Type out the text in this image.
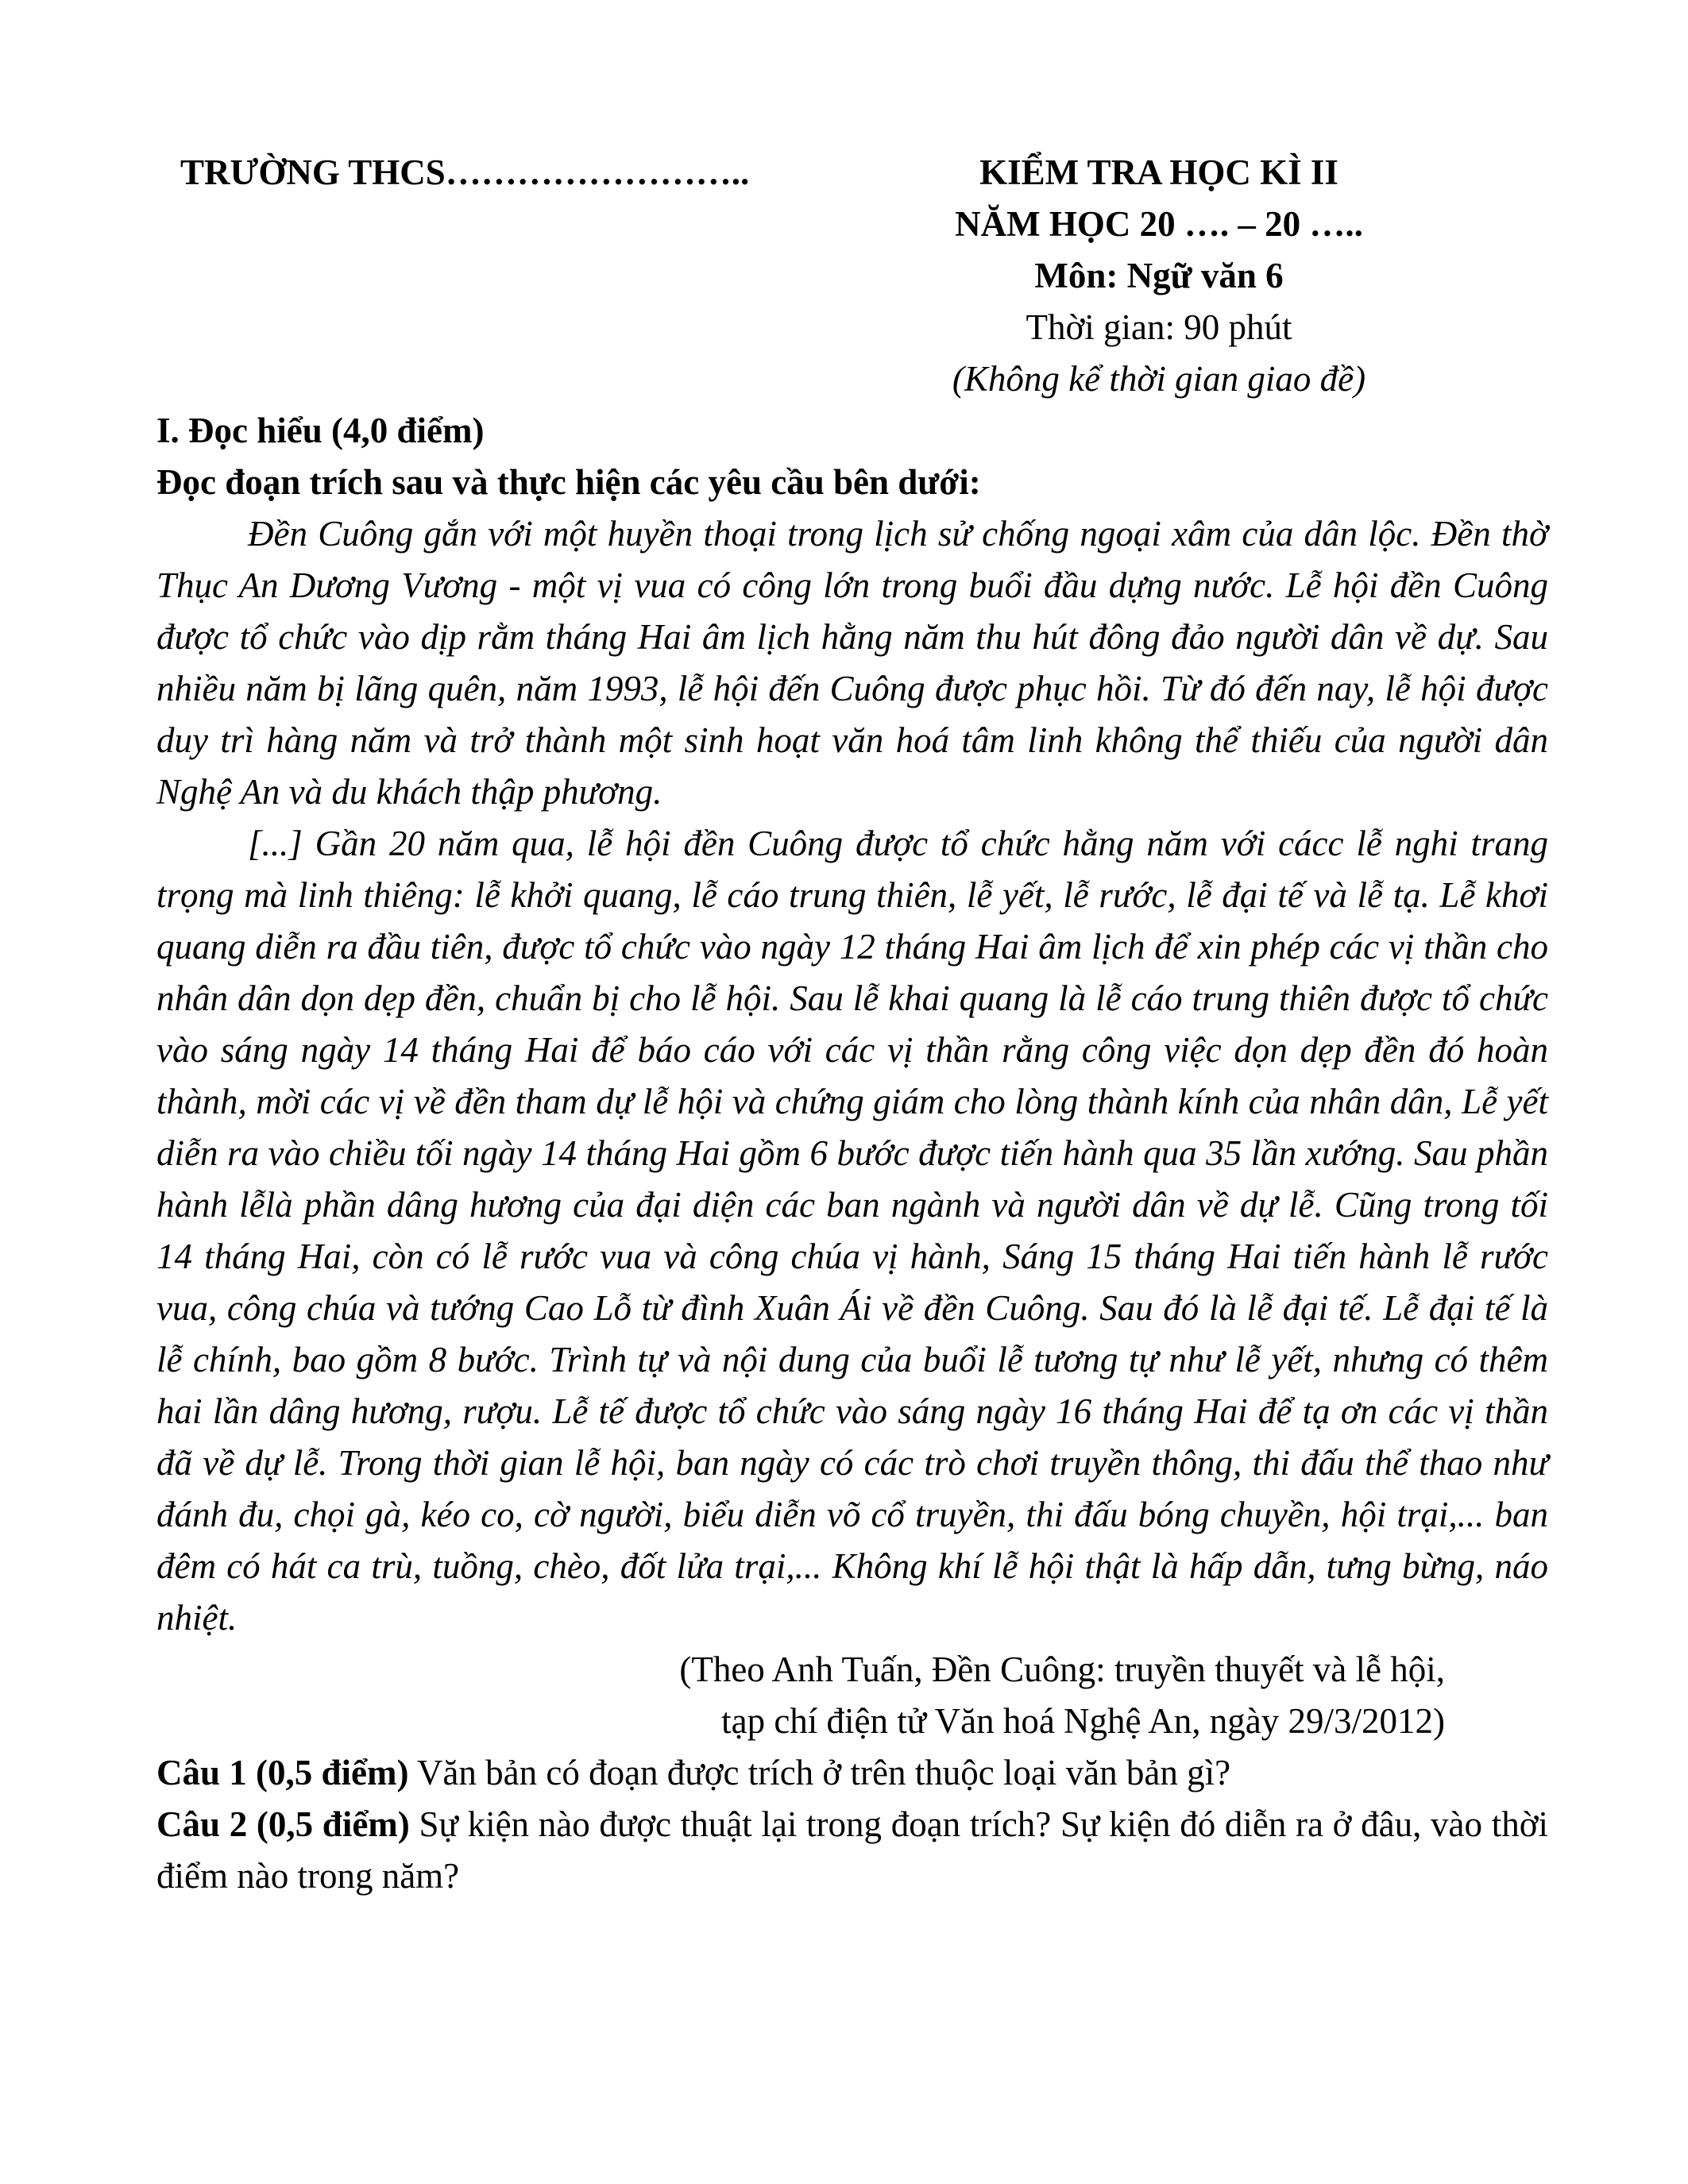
TRƯỜNG THCS……………………..	KIỂM TRA HỌC KÌ II
NĂM HỌC 20 …. – 20 …..
Môn: Ngữ văn 6
Thời gian: 90 phút
(Không kể thời gian giao đề)
I. Đọc hiểu (4,0 điểm)
Đọc đoạn trích sau và thực hiện các yêu cầu bên dưới:

Đền Cuông gắn với một huyền thoại trong lịch sử chống ngoại xâm của dân lộc. Đền thờ Thục An Dương Vương - một vị vua có công lớn trong buổi đầu dựng nước. Lễ hội đền Cuông được tổ chức vào dịp rằm tháng Hai âm lịch hằng năm thu hút đông đảo người dân về dự. Sau nhiều năm bị lãng quên, năm 1993, lễ hội đến Cuông được phục hồi. Từ đó đến nay, lễ hội được duy trì hàng năm và trở thành một sinh hoạt văn hoá tâm linh không thể thiếu của người dân Nghệ An và du khách thập phương.

[...] Gần 20 năm qua, lễ hội đền Cuông được tổ chức hằng năm với cácc lễ nghi trang trọng mà linh thiêng: lễ khởi quang, lễ cáo trung thiên, lễ yết, lễ rước, lễ đại tế và lễ tạ. Lễ khơi quang diễn ra đầu tiên, được tổ chức vào ngày 12 tháng Hai âm lịch để xin phép các vị thần cho nhân dân dọn dẹp đền, chuẩn bị cho lễ hội. Sau lễ khai quang là lễ cáo trung thiên được tổ chức vào sáng ngày 14 tháng Hai để báo cáo với các vị thần rằng công việc dọn dẹp đền đó hoàn thành, mời các vị về đền tham dự lễ hội và chứng giám cho lòng thành kính của nhân dân, Lễ yết diễn ra vào chiều tối ngày 14 tháng Hai gồm 6 bước được tiến hành qua 35 lần xướng. Sau phần hành lễlà phần dâng hương của đại diện các ban ngành và người dân về dự lễ. Cũng trong tối 14 tháng Hai, còn có lễ rước vua và công chúa vị hành, Sáng 15 tháng Hai tiến hành lễ rước vua, công chúa và tướng Cao Lỗ từ đình Xuân Ái về đền Cuông. Sau đó là lễ đại tế. Lễ đại tế là lễ chính, bao gồm 8 bước. Trình tự và nội dung của buổi lễ tương tự như lễ yết, nhưng có thêm hai lần dâng hương, rượu. Lễ tế được tổ chức vào sáng ngày 16 tháng Hai để tạ ơn các vị thần đã về dự lễ. Trong thời gian lễ hội, ban ngày có các trò chơi truyền thông, thi đấu thể thao như đánh đu, chọi gà, kéo co, cờ người, biểu diễn võ cổ truyền, thi đấu bóng chuyền, hội trại,... ban đêm có hát ca trù, tuồng, chèo, đốt lửa trại,... Không khí lễ hội thật là hấp dẫn, tưng bừng, náo nhiệt.

(Theo Anh Tuấn, Đền Cuông: truyền thuyết và lễ hội,
tạp chí điện tử Văn hoá Nghệ An, ngày 29/3/2012)

Câu 1 (0,5 điểm) Văn bản có đoạn được trích ở trên thuộc loại văn bản gì?

Câu 2 (0,5 điểm) Sự kiện nào được thuật lại trong đoạn trích? Sự kiện đó diễn ra ở đâu, vào thời điểm nào trong năm?
